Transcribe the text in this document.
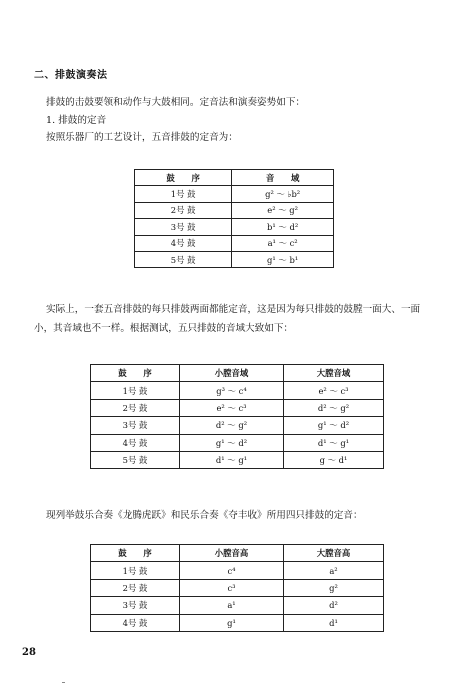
二、排鼓演奏法
排鼓的击鼓要领和动作与大鼓相同。定音法和演奏姿势如下：
1. 排鼓的定音
按照乐器厂的工艺设计，五音排鼓的定音为：
鼓　　序	音　　域
1号 鼓	g² ～ ♭b²
2号 鼓	e² ～ g²
3号 鼓	b¹ ～ d²
4号 鼓	a¹ ～ c²
5号 鼓	g¹ ～ b¹
实际上，一套五音排鼓的每只排鼓两面都能定音，这是因为每只排鼓的鼓膛一面大、一面
小，其音域也不一样。根据测试，五只排鼓的音域大致如下：
鼓　　序	小膛音域	大膛音域
1号 鼓	g³ ～ c⁴	e² ～ c³
2号 鼓	e² ～ c³	d² ～ g²
3号 鼓	d² ～ g²	g¹ ～ d²
4号 鼓	g¹ ～ d²	d¹ ～ g¹
5号 鼓	d¹ ～ g¹	g ～ d¹
现列举鼓乐合奏《龙腾虎跃》和民乐合奏《夺丰收》所用四只排鼓的定音：
鼓　　序	小膛音高	大膛音高
1号 鼓	c⁴	a²
2号 鼓	c³	g²
3号 鼓	a¹	d²
4号 鼓	g¹	d¹
28
